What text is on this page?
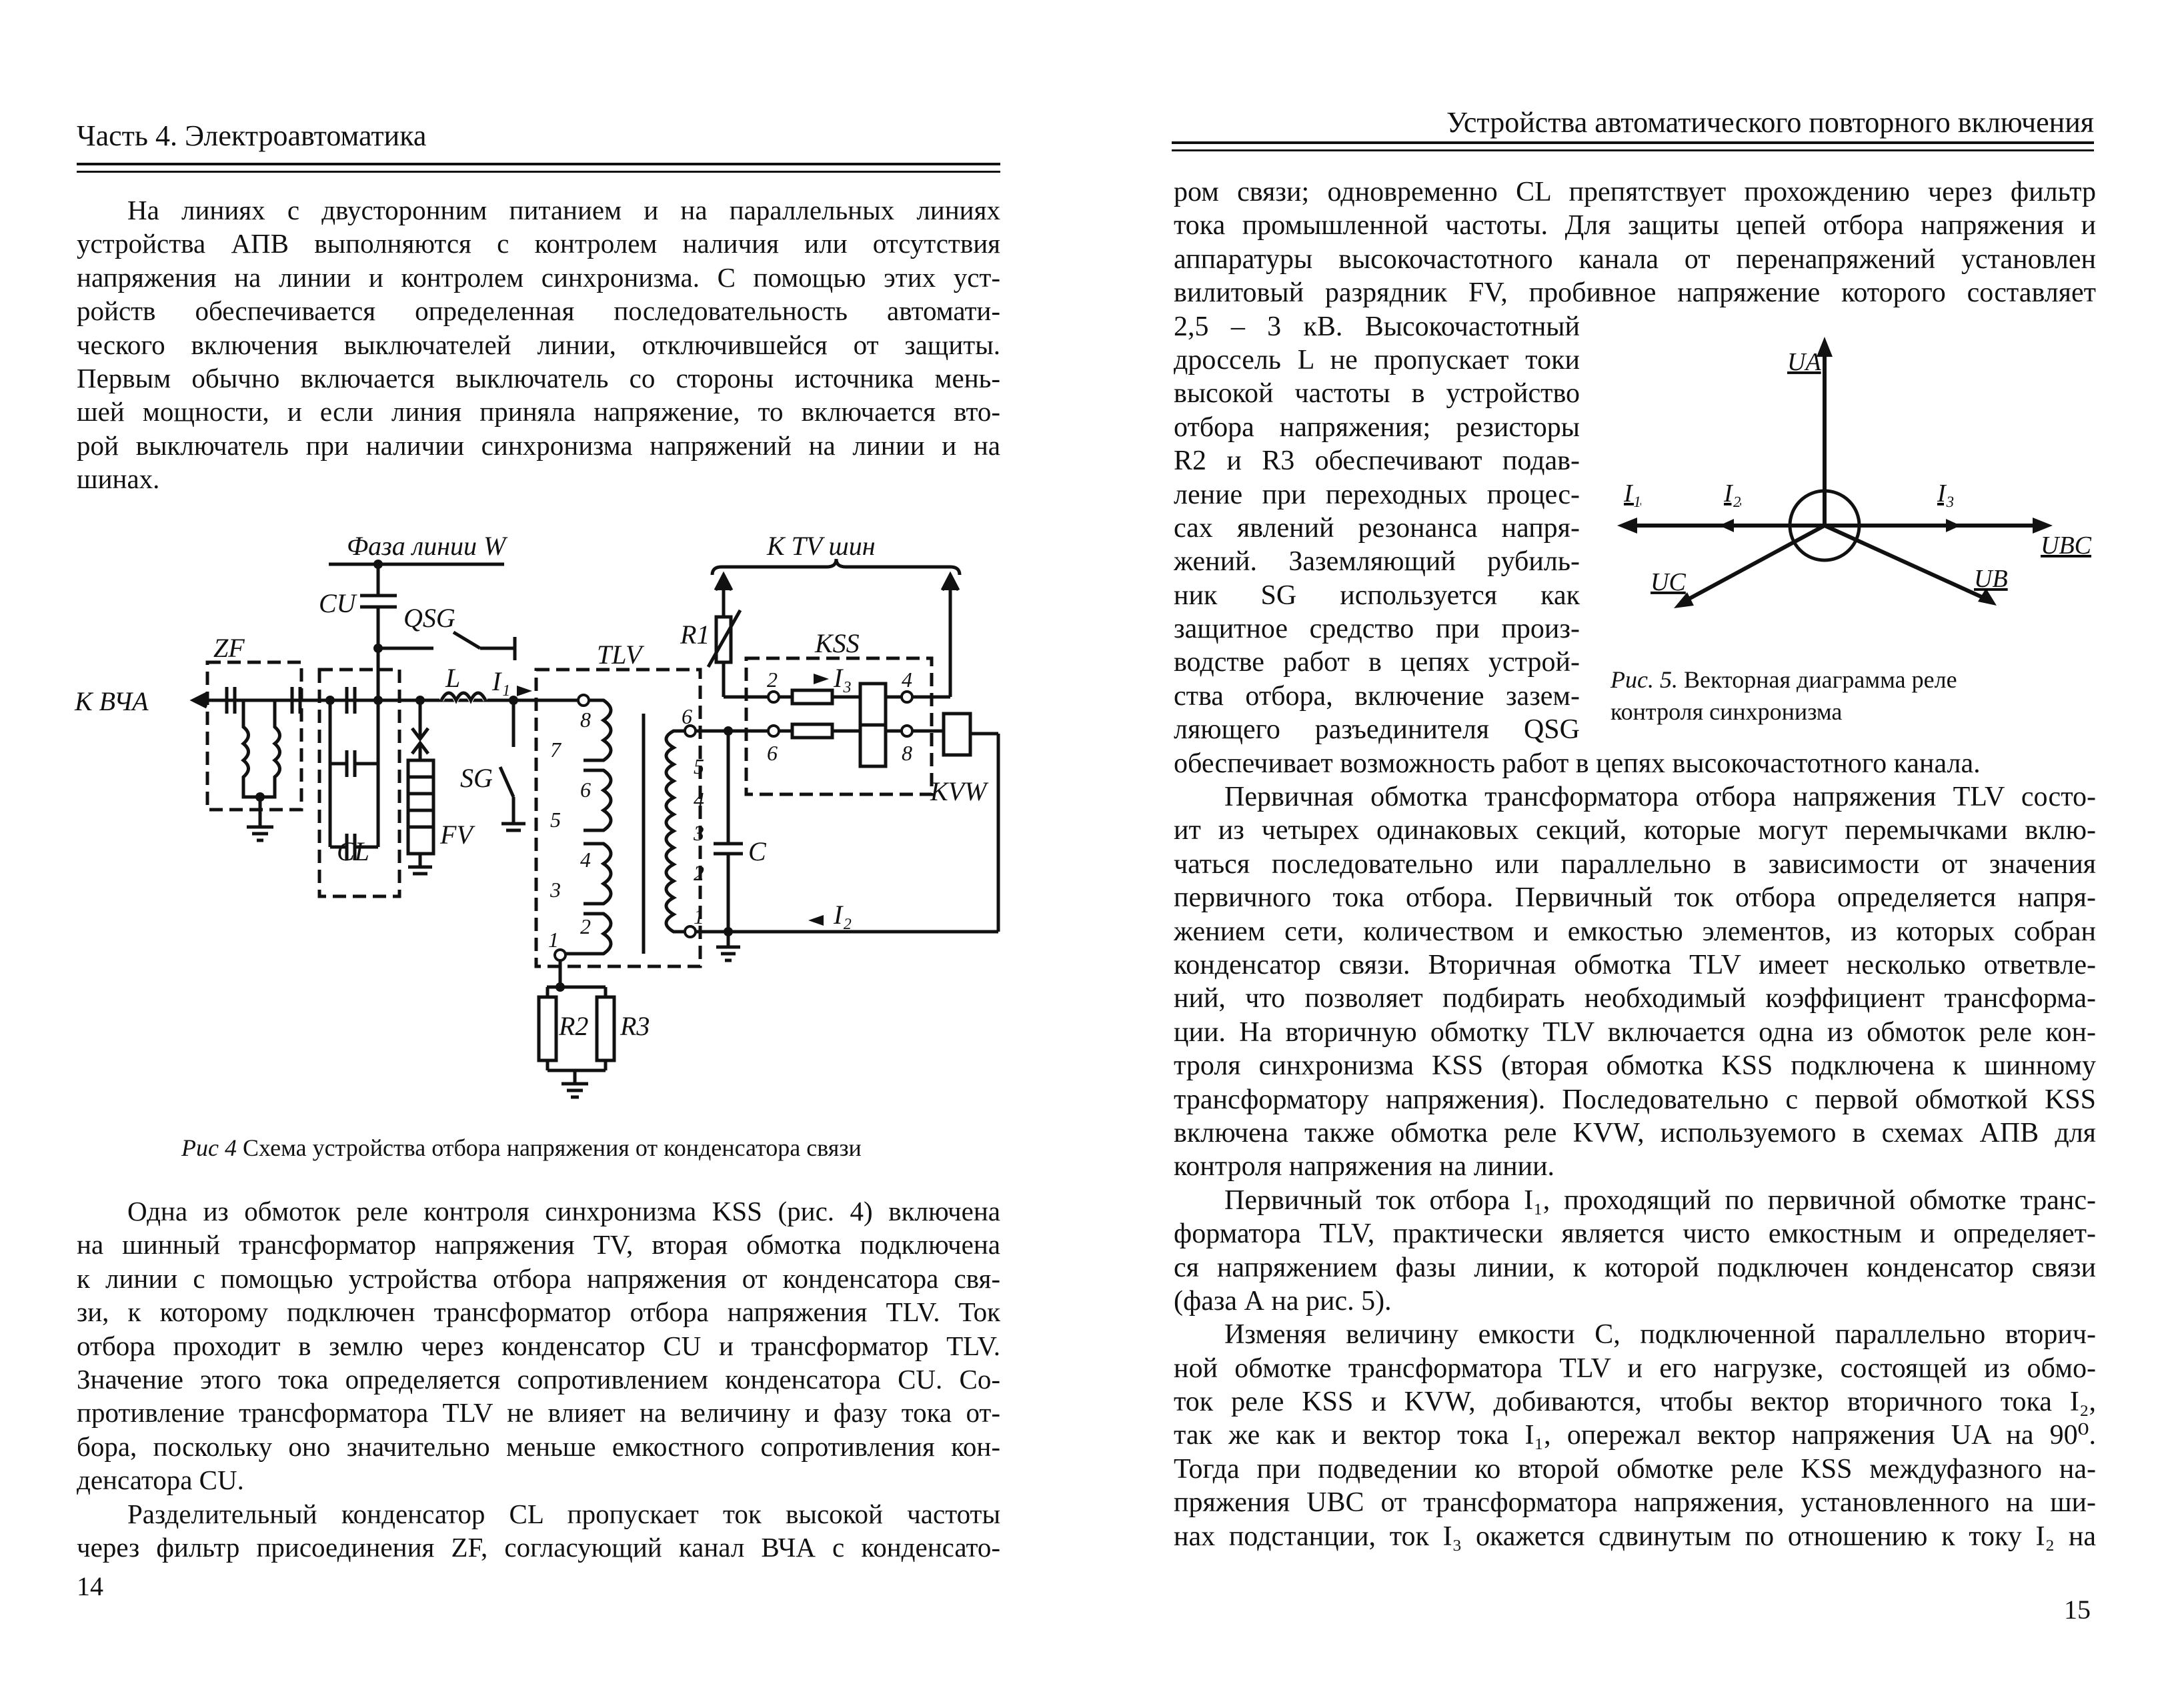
Часть 4. Электроавтоматика
На линиях с двусторонним питанием и на параллельных линиях
устройства АПВ выполняются с контролем наличия или отсутствия
напряжения на линии и контролем синхронизма. С помощью этих уст-
ройств обеспечивается определенная последовательность автомати-
ческого включения выключателей линии, отключившейся от защиты.
Первым обычно включается выключатель со стороны источника мень-
шей мощности, и если линия приняла напряжение, то включается вто-
рой выключатель при наличии синхронизма напряжений на линии и на
шинах.
Фаза линии W	К TV шин
CU QSG
ZF
К ВЧА
L I₁
TLV
R1	KSS
I₃
KVW
SG
FV
CL	C
I₂
R2 R3
8
7
6
5
4
3
2
1
6
5
4
3
2
1
2	4
6	8
UA
I₁	I₂	I₃
UBC
UC	UB
Рис 4 Схема устройства отбора напряжения от конденсатора связи
Одна из обмоток реле контроля синхронизма KSS (рис. 4) включена
на шинный трансформатор напряжения TV, вторая обмотка подключена
к линии с помощью устройства отбора напряжения от конденсатора свя-
зи, к которому подключен трансформатор отбора напряжения TLV. Ток
отбора проходит в землю через конденсатор CU и трансформатор TLV.
Значение этого тока определяется сопротивлением конденсатора CU. Со-
противление трансформатора TLV не влияет на величину и фазу тока от-
бора, поскольку оно значительно меньше емкостного сопротивления кон-
денсатора CU.
Разделительный конденсатор CL пропускает ток высокой частоты
через фильтр присоединения ZF, согласующий канал ВЧА с конденсато-
14
Устройства автоматического повторного включения
ром связи; одновременно CL препятствует прохождению через фильтр
тока промышленной частоты. Для защиты цепей отбора напряжения и
аппаратуры высокочастотного канала от перенапряжений установлен
вилитовый разрядник FV, пробивное напряжение которого составляет
2,5 – 3 кВ. Высокочастотный
дроссель L не пропускает токи
высокой частоты в устройство
отбора напряжения; резисторы
R2 и R3 обеспечивают подав-
ление при переходных процес-
сах явлений резонанса напря-
жений. Заземляющий рубиль-
ник SG используется как
защитное средство при произ-
водстве работ в цепях устрой-
ства отбора, включение зазем-
ляющего разъединителя QSG
обеспечивает возможность работ в цепях высокочастотного канала.
Первичная обмотка трансформатора отбора напряжения TLV состо-
ит из четырех одинаковых секций, которые могут перемычками вклю-
чаться последовательно или параллельно в зависимости от значения
первичного тока отбора. Первичный ток отбора определяется напря-
жением сети, количеством и емкостью элементов, из которых собран
конденсатор связи. Вторичная обмотка TLV имеет несколько ответвле-
ний, что позволяет подбирать необходимый коэффициент трансформа-
ции. На вторичную обмотку TLV включается одна из обмоток реле кон-
троля синхронизма KSS (вторая обмотка KSS подключена к шинному
трансформатору напряжения). Последовательно с первой обмоткой KSS
включена также обмотка реле KVW, используемого в схемах АПВ для
контроля напряжения на линии.
Первичный ток отбора I₁, проходящий по первичной обмотке транс-
форматора TLV, практически является чисто емкостным и определяет-
ся напряжением фазы линии, к которой подключен конденсатор связи
(фаза А на рис. 5).
Изменяя величину емкости C, подключенной параллельно вторич-
ной обмотке трансформатора TLV и его нагрузке, состоящей из обмо-
ток реле KSS и KVW, добиваются, чтобы вектор вторичного тока I₂,
так же как и вектор тока I₁, опережал вектор напряжения UA на 90⁰.
Тогда при подведении ко второй обмотке реле KSS междуфазного на-
пряжения UBC от трансформатора напряжения, установленного на ши-
нах подстанции, ток I₃ окажется сдвинутым по отношению к току I₂ на
Рис. 5. Векторная диаграмма реле
контроля синхронизма
15
